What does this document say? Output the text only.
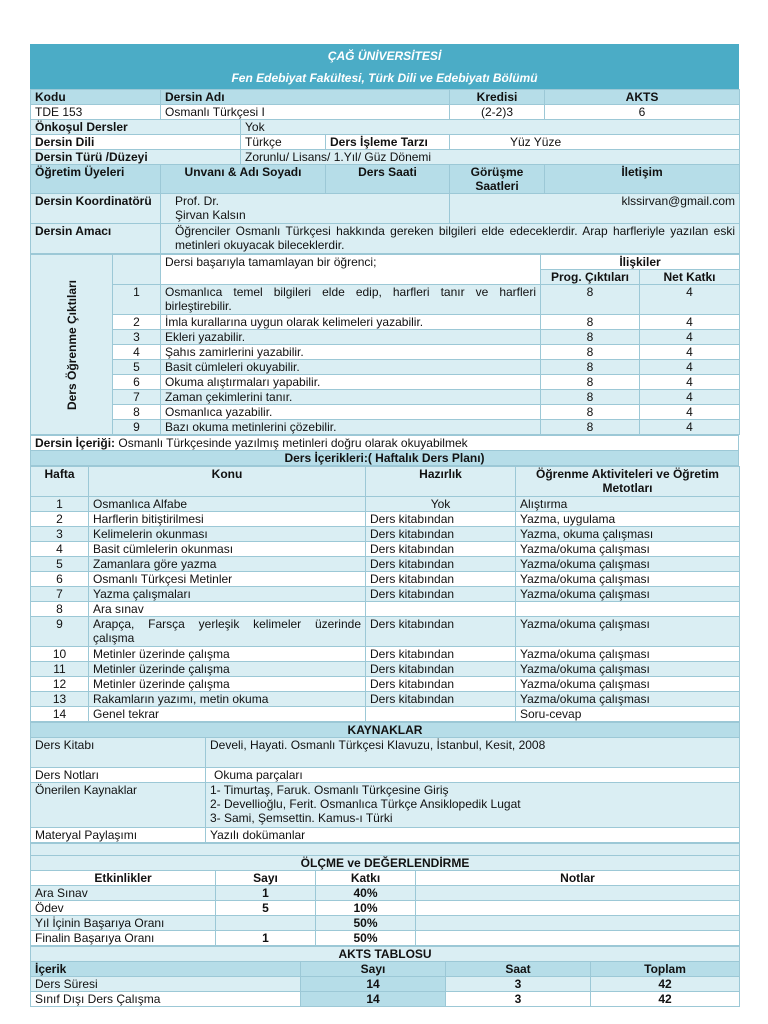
ÇAĞ ÜNİVERSİTESİ
Fen Edebiyat Fakültesi, Türk Dili ve Edebiyatı Bölümü
Kodu	Dersin Adı			Kredisi	AKTS
TDE 153	Osmanlı Türkçesi I			(2-2)3	6
Önkoşul Dersler		Yok			
Dersin Dili		Türkçe	Ders İşleme Tarzı	Yüz Yüze	
Dersin Türü /Düzeyi		Zorunlu/ Lisans/ 1.Yıl/ Güz Dönemi			
Öğretim Üyeleri	Unvanı & Adı Soyadı		Ders Saati	Görüşme Saatleri	İletişim
Dersin Koordinatörü	Prof. Dr.
Şirvan Kalsın			klssirvan@gmail.com	
Dersin Amacı	Öğrenciler Osmanlı Türkçesi hakkında gereken bilgileri elde edeceklerdir. Arap harfleriyle yazılan eski metinleri okuyacak bileceklerdir.				
Ders Öğrenme Çıktıları		Dersi başarıyla tamamlayan bir öğrenci;	İlişkiler	
			Prog. Çıktıları	Net Katkı
	1	Osmanlıca temel bilgileri elde edip, harfleri tanır ve harfleri birleştirebilir.	8	4
	2	İmla kurallarına uygun olarak kelimeleri yazabilir.	8	4
	3	Ekleri yazabilir.	8	4
	4	Şahıs zamirlerini yazabilir.	8	4
	5	Basit cümleleri okuyabilir.	8	4
	6	Okuma alıştırmaları yapabilir.	8	4
	7	Zaman çekimlerini tanır.	8	4
	8	Osmanlıca yazabilir.	8	4
	9	Bazı okuma metinlerini çözebilir.	8	4
Dersin İçeriği: Osmanlı Türkçesinde yazılmış metinleri doğru olarak okuyabilmek
Ders İçerikleri:( Haftalık Ders Planı)
Hafta	Konu	Hazırlık	Öğrenme Aktiviteleri ve Öğretim Metotları
1	Osmanlıca Alfabe	Yok	Alıştırma
2	Harflerin bitiştirilmesi	Ders kitabından	Yazma, uygulama
3	Kelimelerin okunması	Ders kitabından	Yazma, okuma çalışması
4	Basit cümlelerin okunması	Ders kitabından	Yazma/okuma çalışması
5	Zamanlara göre yazma	Ders kitabından	Yazma/okuma çalışması
6	Osmanlı Türkçesi Metinler	Ders kitabından	Yazma/okuma çalışması
7	Yazma çalışmaları	Ders kitabından	Yazma/okuma çalışması
8	Ara sınav		
9	Arapça, Farsça yerleşik kelimeler üzerinde çalışma	Ders kitabından	Yazma/okuma çalışması
10	Metinler üzerinde çalışma	Ders kitabından	Yazma/okuma çalışması
11	Metinler üzerinde çalışma	Ders kitabından	Yazma/okuma çalışması
12	Metinler üzerinde çalışma	Ders kitabından	Yazma/okuma çalışması
13	Rakamların yazımı, metin okuma	Ders kitabından	Yazma/okuma çalışması
14	Genel tekrar		Soru-cevap
KAYNAKLAR	
Ders Kitabı	Develi, Hayati. Osmanlı Türkçesi Klavuzu, İstanbul, Kesit, 2008
Ders Notları	Okuma parçaları
Önerilen Kaynaklar	1- Timurtaş, Faruk. Osmanlı Türkçesine Giriş
2- Devellioğlu, Ferit. Osmanlıca Türkçe Ansiklopedik Lugat
3- Sami, Şemsettin. Kamus-ı Türki

Materyal Paylaşımı	Yazılı dokümanlar

ÖLÇME ve DEĞERLENDİRME			
Etkinlikler	Sayı	Katkı	Notlar
Ara Sınav	1	40%	
Ödev	5	10%	
Yıl İçinin Başarıya Oranı		50%	
Finalin Başarıya Oranı	1	50%	
AKTS TABLOSU			
İçerik	Sayı	Saat	Toplam
Ders Süresi	14	3	42
Sınıf Dışı Ders Çalışma	14	3	42
